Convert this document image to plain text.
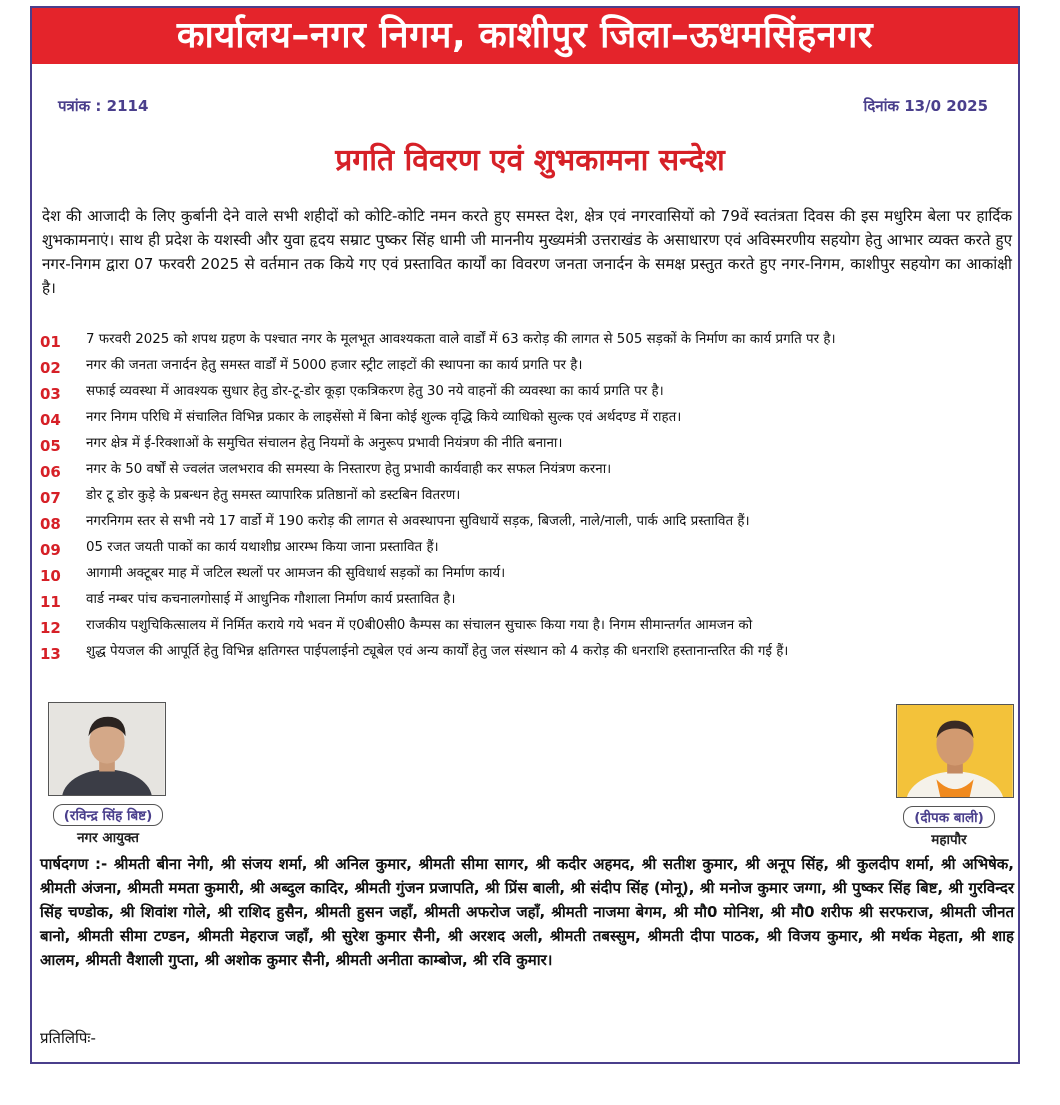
कार्यालय–नगर निगम, काशीपुर जिला–ऊधमसिंहनगर
पत्रांक : 2114	दिनांक 13/0 2025
प्रगति विवरण एवं शुभकामना सन्देश
देश की आजादी के लिए कुर्बानी देने वाले सभी शहीदों को कोटि-कोटि नमन करते हुए समस्त देश, क्षेत्र एवं नगरवासियों को 79वें स्वतंत्रता दिवस की इस मधुरिम बेला पर हार्दिक शुभकामनाएं। साथ ही प्रदेश के यशस्वी और युवा हृदय सम्राट पुष्कर सिंह धामी जी माननीय मुख्यमंत्री उत्तराखंड के असाधारण एवं अविस्मरणीय सहयोग हेतु आभार व्यक्त करते हुए नगर-निगम द्वारा 07 फरवरी 2025 से वर्तमान तक किये गए एवं प्रस्तावित कार्यों का विवरण जनता जनार्दन के समक्ष प्रस्तुत करते हुए नगर-निगम, काशीपुर सहयोग का आकांक्षी है।
01	7 फरवरी 2025 को शपथ ग्रहण के पश्चात नगर के मूलभूत आवश्यकता वाले वार्डों में 63 करोड़ की लागत से 505 सड़कों के निर्माण का कार्य प्रगति पर है।
02	नगर की जनता जनार्दन हेतु समस्त वार्डों में 5000 हजार स्ट्रीट लाइटों की स्थापना का कार्य प्रगति पर है।
03	सफाई व्यवस्था में आवश्यक सुधार हेतु डोर-टू-डोर कूड़ा एकत्रिकरण हेतु 30 नये वाहनों की व्यवस्था का कार्य प्रगति पर है।
04	नगर निगम परिधि में संचालित विभिन्न प्रकार के लाइसेंसो में बिना कोई शुल्क वृद्धि किये व्याधिको सुल्क एवं अर्थदण्ड में राहत।
05	नगर क्षेत्र में ई-रिक्शाओं के समुचित संचालन हेतु नियमों के अनुरूप प्रभावी नियंत्रण की नीति बनाना।
06	नगर के 50 वर्षों से ज्वलंत जलभराव की समस्या के निस्तारण हेतु प्रभावी कार्यवाही कर सफल नियंत्रण करना।
07	डोर टू डोर कुड़े के प्रबन्धन हेतु समस्त व्यापारिक प्रतिष्ठानों को डस्टबिन वितरण।
08	नगरनिगम स्तर से सभी नये 17 वार्डो में 190 करोड़ की लागत से अवस्थापना सुविधायें सड़क, बिजली, नाले/नाली, पार्क आदि प्रस्तावित हैं।
09	05 रजत जयती पाकों का कार्य यथाशीघ्र आरम्भ किया जाना प्रस्तावित हैं।
10	आगामी अक्टूबर माह में जटिल स्थलों पर आमजन की सुविधार्थ सड़कों का निर्माण कार्य।
11	वार्ड नम्बर पांच कचनालगोसाई में आधुनिक गौशाला निर्माण कार्य प्रस्तावित है।
12	राजकीय पशुचिकित्सालय में निर्मित कराये गये भवन में ए0बी0सी0 कैम्पस का संचालन सुचारू किया गया है। निगम सीमान्तर्गत आमजन को
13	शुद्ध पेयजल की आपूर्ति हेतु विभिन्न क्षतिगस्त पाईपलाईनो ट्यूबेल एवं अन्य कार्यों हेतु जल संस्थान को 4 करोड़ की धनराशि हस्तानान्तरित की गई हैं।
(रविन्द्र सिंह बिष्ट)
नगर आयुक्त
(दीपक बाली)
महापौर
पार्षदगण :- श्रीमती बीना नेगी, श्री संजय शर्मा, श्री अनिल कुमार, श्रीमती सीमा सागर, श्री कदीर अहमद, श्री सतीश कुमार, श्री अनूप सिंह, श्री कुलदीप शर्मा, श्री अभिषेक, श्रीमती अंजना, श्रीमती ममता कुमारी, श्री अब्दुल कादिर, श्रीमती गुंजन प्रजापति, श्री प्रिंस बाली, श्री संदीप सिंह (मोनू), श्री मनोज कुमार जग्गा, श्री पुष्कर सिंह बिष्ट, श्री गुरविन्दर सिंह चण्डोक, श्री शिवांश गोले, श्री राशिद हुसैन, श्रीमती हुसन जहाँ, श्रीमती अफरोज जहाँ, श्रीमती नाजमा बेगम, श्री मौ0 मोनिश, श्री मौ0 शरीफ श्री सरफराज, श्रीमती जीनत बानो, श्रीमती सीमा टण्डन, श्रीमती मेहराज जहाँ, श्री सुरेश कुमार सैनी, श्री अरशद अली, श्रीमती तबस्सुम, श्रीमती दीपा पाठक, श्री विजय कुमार, श्री मर्थक मेहता, श्री शाह आलम, श्रीमती वैशाली गुप्ता, श्री अशोक कुमार सैनी, श्रीमती अनीता काम्बोज, श्री रवि कुमार।
प्रतिलिपिः-
